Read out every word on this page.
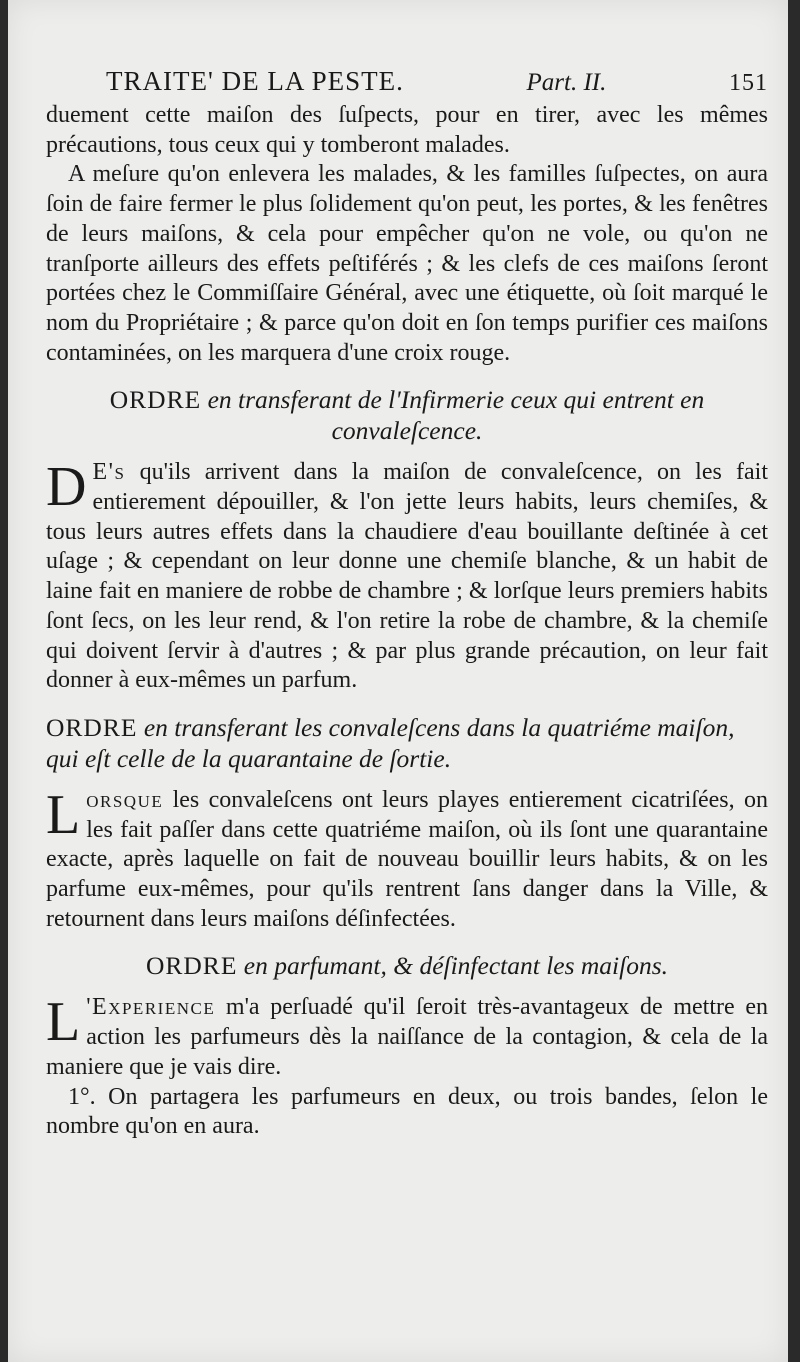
TRAITE' DE LA PESTE.	Part. II.	151

duement cette maiſon des ſuſpects, pour en tirer, avec les mêmes précautions, tous ceux qui y tomberont malades.

A meſure qu'on enlevera les malades, & les familles ſuſpectes, on aura ſoin de faire fermer le plus ſolidement qu'on peut, les portes, & les fenêtres de leurs maiſons, & cela pour empêcher qu'on ne vole, ou qu'on ne tranſporte ailleurs des effets peſtiférés ; & les clefs de ces maiſons ſeront portées chez le Commiſſaire Général, avec une étiquette, où ſoit marqué le nom du Propriétaire ; & parce qu'on doit en ſon temps purifier ces maiſons contaminées, on les marquera d'une croix rouge.

ORDRE en transferant de l'Infirmerie ceux qui entrent en convaleſcence.

D E's qu'ils arrivent dans la maiſon de convaleſcence, on les fait entierement dépouiller, & l'on jette leurs habits, leurs chemiſes, & tous leurs autres effets dans la chaudiere d'eau bouillante deſtinée à cet uſage ; & cependant on leur donne une chemiſe blanche, & un habit de laine fait en maniere de robbe de chambre ; & lorſque leurs premiers habits ſont ſecs, on les leur rend, & l'on retire la robe de chambre, & la chemiſe qui doivent ſervir à d'autres ; & par plus grande précaution, on leur fait donner à eux-mêmes un parfum.

ORDRE en transferant les convaleſcens dans la quatriéme maiſon, qui eſt celle de la quarantaine de ſortie.

Lorsque les convaleſcens ont leurs playes entierement cicatriſées, on les fait paſſer dans cette quatriéme maiſon, où ils ſont une quarantaine exacte, après laquelle on fait de nouveau bouillir leurs habits, & on les parfume eux-mêmes, pour qu'ils rentrent ſans danger dans la Ville, & retournent dans leurs maiſons déſinfectées.

ORDRE en parfumant, & déſinfectant les maiſons.

L 'Experience m'a perſuadé qu'il ſeroit très-avantageux de mettre en action les parfumeurs dès la naiſſance de la contagion, & cela de la maniere que je vais dire.

1°. On partagera les parfumeurs en deux, ou trois bandes, ſelon le nombre qu'on en aura.
